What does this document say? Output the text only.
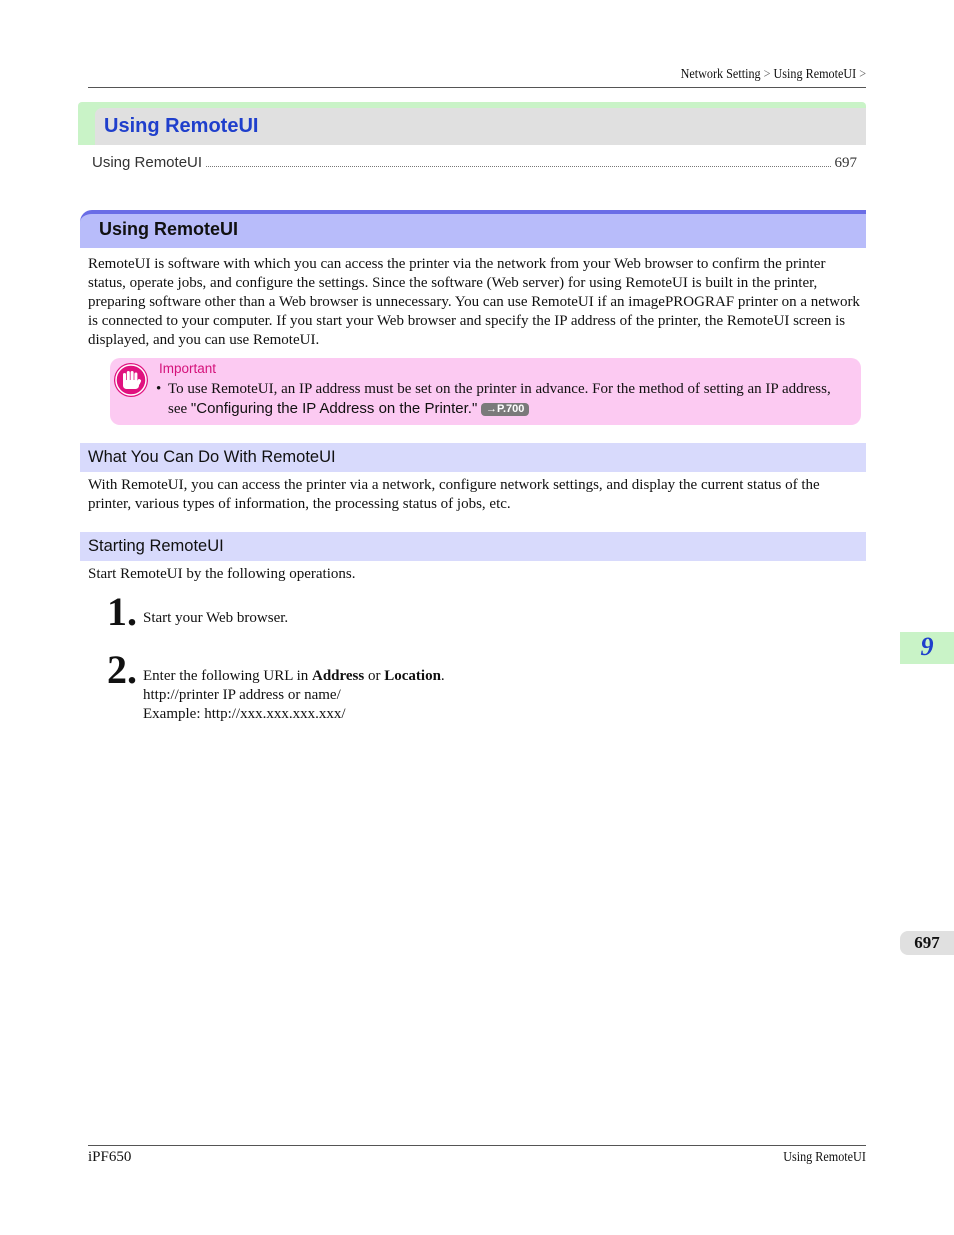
Network Setting > Using RemoteUI >
Using RemoteUI
Using RemoteUI	697
Using RemoteUI
RemoteUI is software with which you can access the printer via the network from your Web browser to confirm the printer status, operate jobs, and configure the settings. Since the software (Web server) for using RemoteUI is built in the printer, preparing software other than a Web browser is unnecessary. You can use RemoteUI if an imagePROGRAF printer on a network is connected to your computer. If you start your Web browser and specify the IP address of the printer, the RemoteUI screen is displayed, and you can use RemoteUI.
Important
• To use RemoteUI, an IP address must be set on the printer in advance. For the method of setting an IP address, see "Configuring the IP Address on the Printer." →P.700
What You Can Do With RemoteUI
With RemoteUI, you can access the printer via a network, configure network settings, and display the current status of the printer, various types of information, the processing status of jobs, etc.
Starting RemoteUI
Start RemoteUI by the following operations.
1. Start your Web browser.
2. Enter the following URL in Address or Location.
http://printer IP address or name/
Example: http://xxx.xxx.xxx.xxx/
9
697
iPF650	Using RemoteUI
